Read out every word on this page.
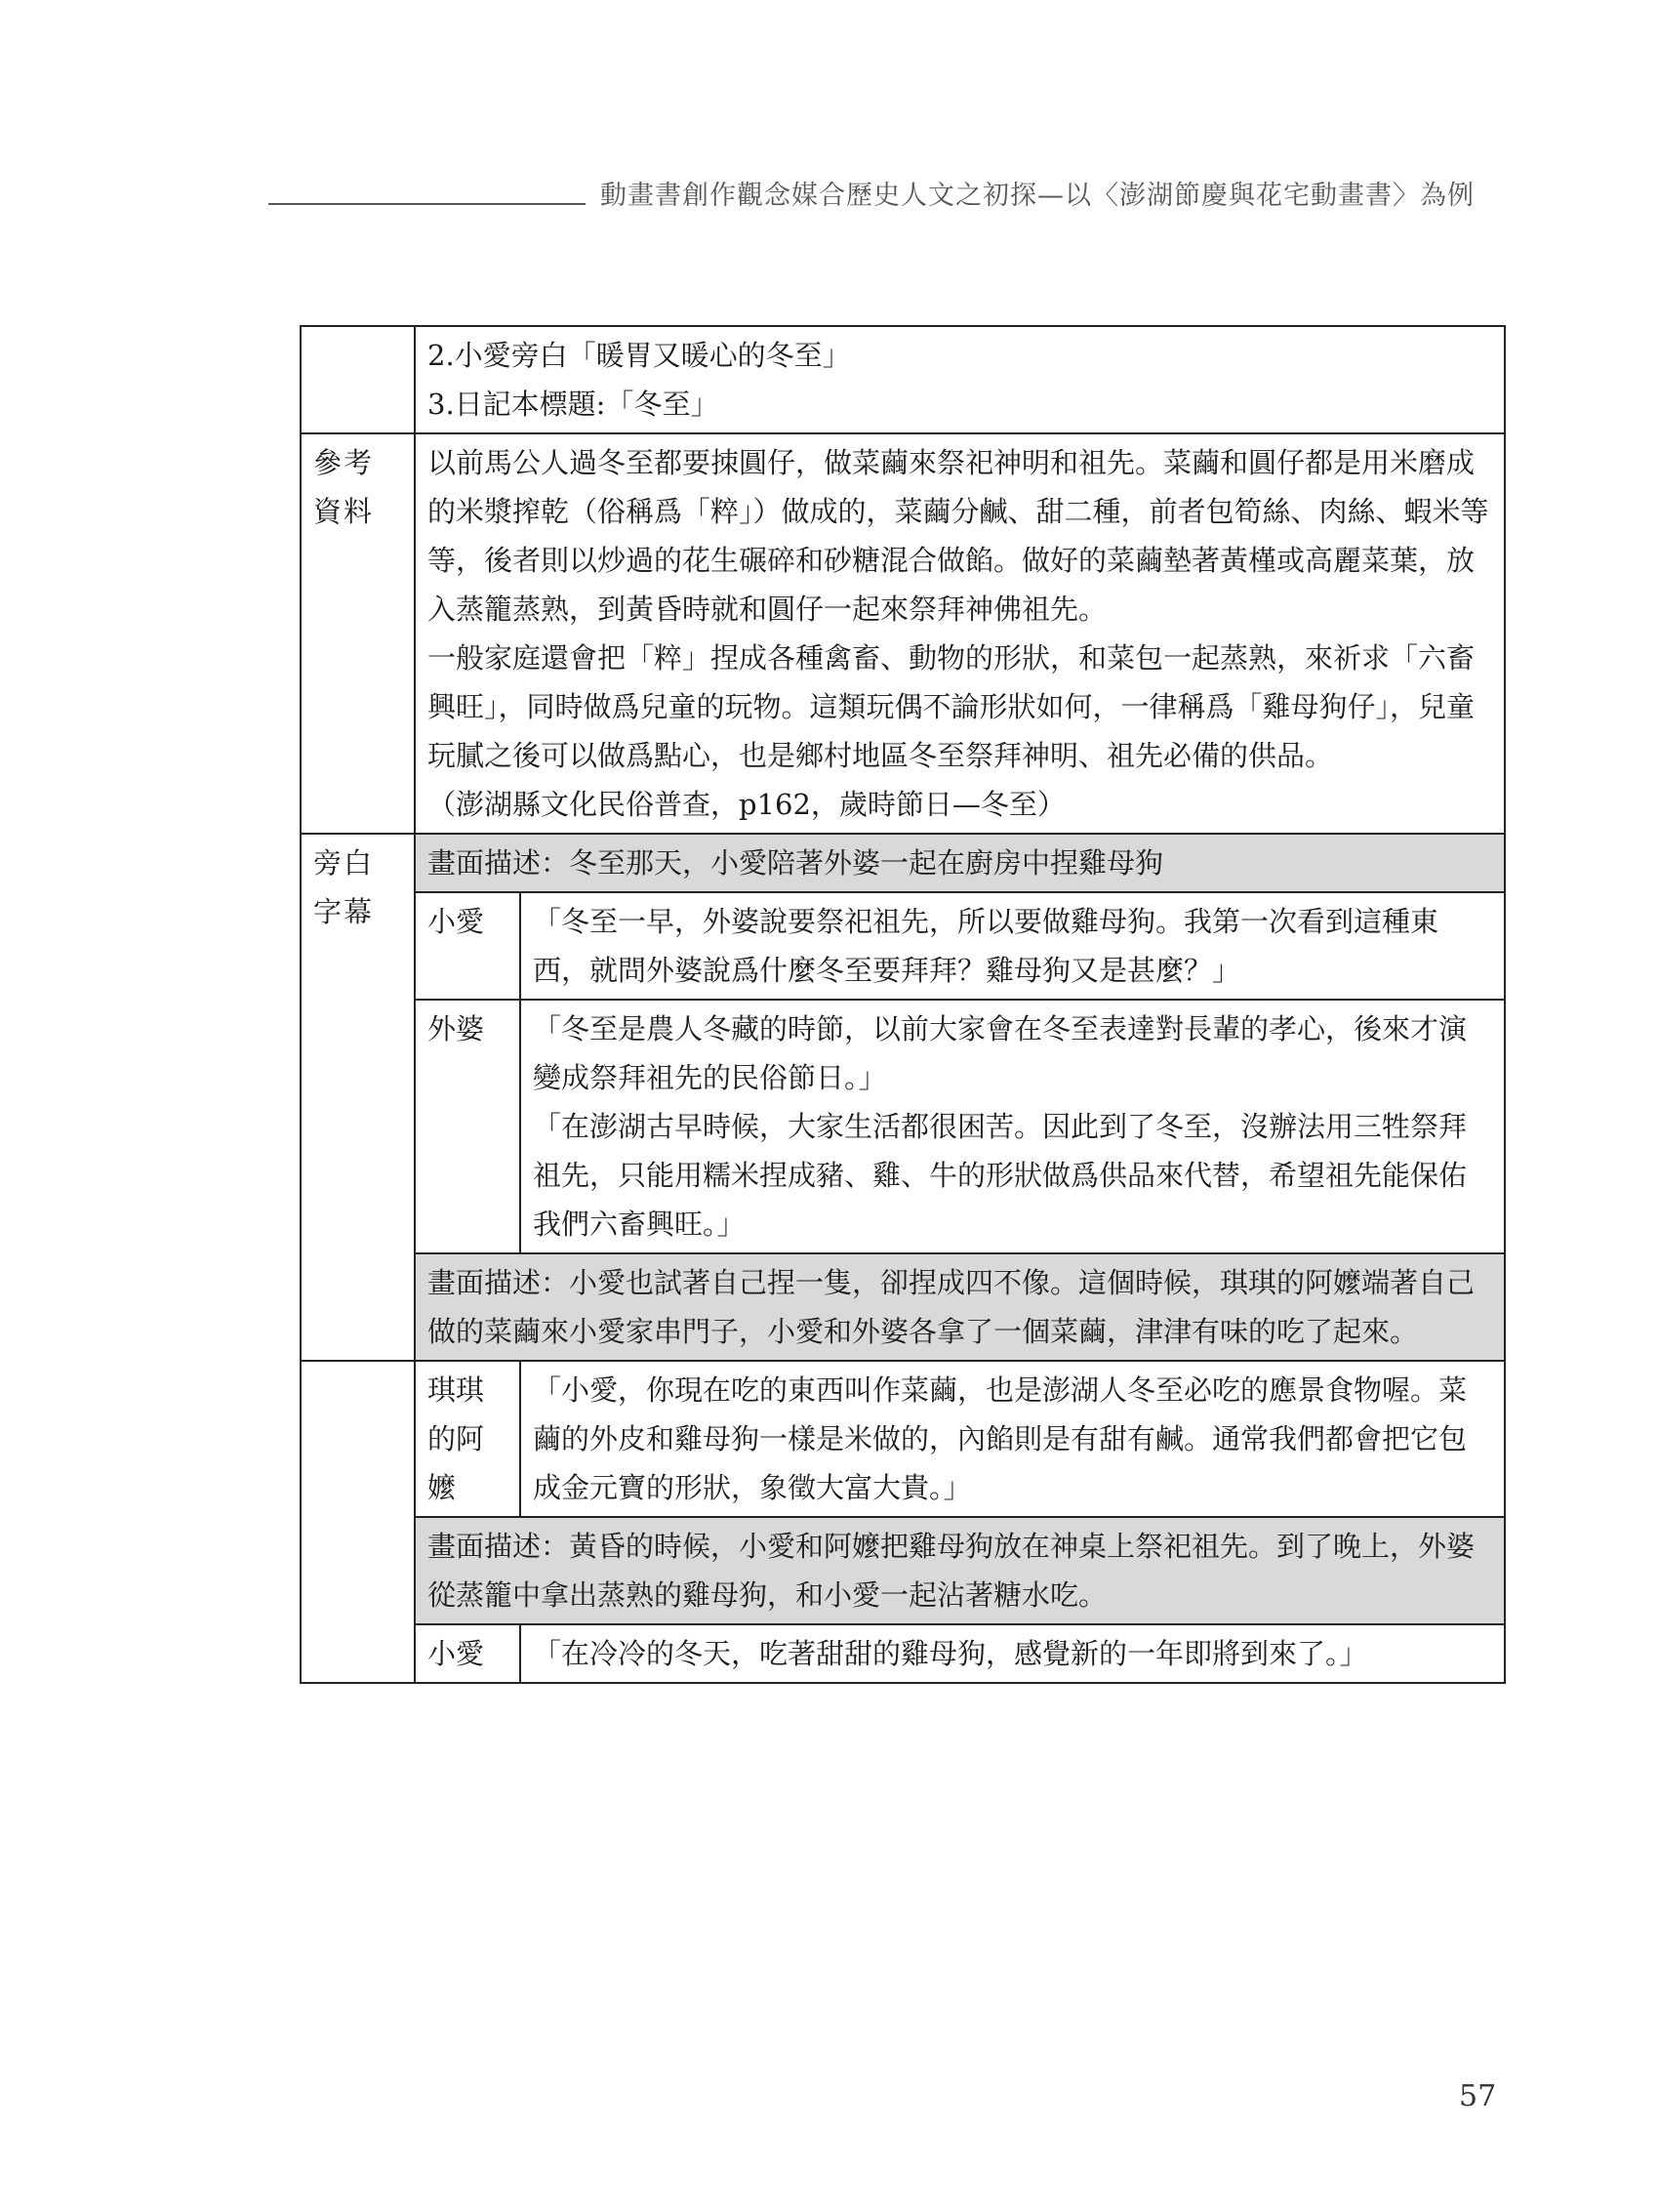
動畫書創作觀念媒合歷史人文之初探—以〈澎湖節慶與花宅動畫書〉為例

	2.小愛旁白「暖胃又暖心的冬至」
3.日記本標題:「冬至」	

參考
資料	以前馬公人過冬至都要拺圓仔，做菜繭來祭祀神明和祖先。菜繭和圓仔都是用米磨成的米漿搾乾（俗稱爲「粹」）做成的，菜繭分鹹、甜二種，前者包筍絲、肉絲、蝦米等等，後者則以炒過的花生碾碎和砂糖混合做餡。做好的菜繭墊著黃槿或高麗菜葉，放入蒸籠蒸熟，到黃昏時就和圓仔一起來祭拜神佛祖先。
一般家庭還會把「粹」捏成各種禽畜、動物的形狀，和菜包一起蒸熟，來祈求「六畜興旺」，同時做爲兒童的玩物。這類玩偶不論形狀如何，一律稱爲「雞母狗仔」，兒童玩膩之後可以做爲點心，也是鄉村地區冬至祭拜神明、祖先必備的供品。
（澎湖縣文化民俗普查，p162，歲時節日—冬至）	

旁白
字幕	畫面描述：冬至那天，小愛陪著外婆一起在廚房中捏雞母狗	
	小愛	「冬至一早，外婆說要祭祀祖先，所以要做雞母狗。我第一次看到這種東西，就問外婆說爲什麼冬至要拜拜？雞母狗又是甚麼？」
	外婆	「冬至是農人冬藏的時節，以前大家會在冬至表達對長輩的孝心，後來才演變成祭拜祖先的民俗節日。」
「在澎湖古早時候，大家生活都很困苦。因此到了冬至，沒辦法用三牲祭拜祖先，只能用糯米捏成豬、雞、牛的形狀做爲供品來代替，希望祖先能保佑我們六畜興旺。」

	畫面描述：小愛也試著自己捏一隻，卻捏成四不像。這個時候，琪琪的阿嬤端著自己做的菜繭來小愛家串門子，小愛和外婆各拿了一個菜繭，津津有味的吃了起來。	

	琪琪
的阿
嬤	「小愛，你現在吃的東西叫作菜繭，也是澎湖人冬至必吃的應景食物喔。菜繭的外皮和雞母狗一樣是米做的，內餡則是有甜有鹹。通常我們都會把它包成金元寶的形狀，象徵大富大貴。」
	畫面描述：黃昏的時候，小愛和阿嬤把雞母狗放在神桌上祭祀祖先。到了晚上，外婆從蒸籠中拿出蒸熟的雞母狗，和小愛一起沾著糖水吃。	
	小愛	「在冷冷的冬天，吃著甜甜的雞母狗，感覺新的一年即將到來了。」
57
